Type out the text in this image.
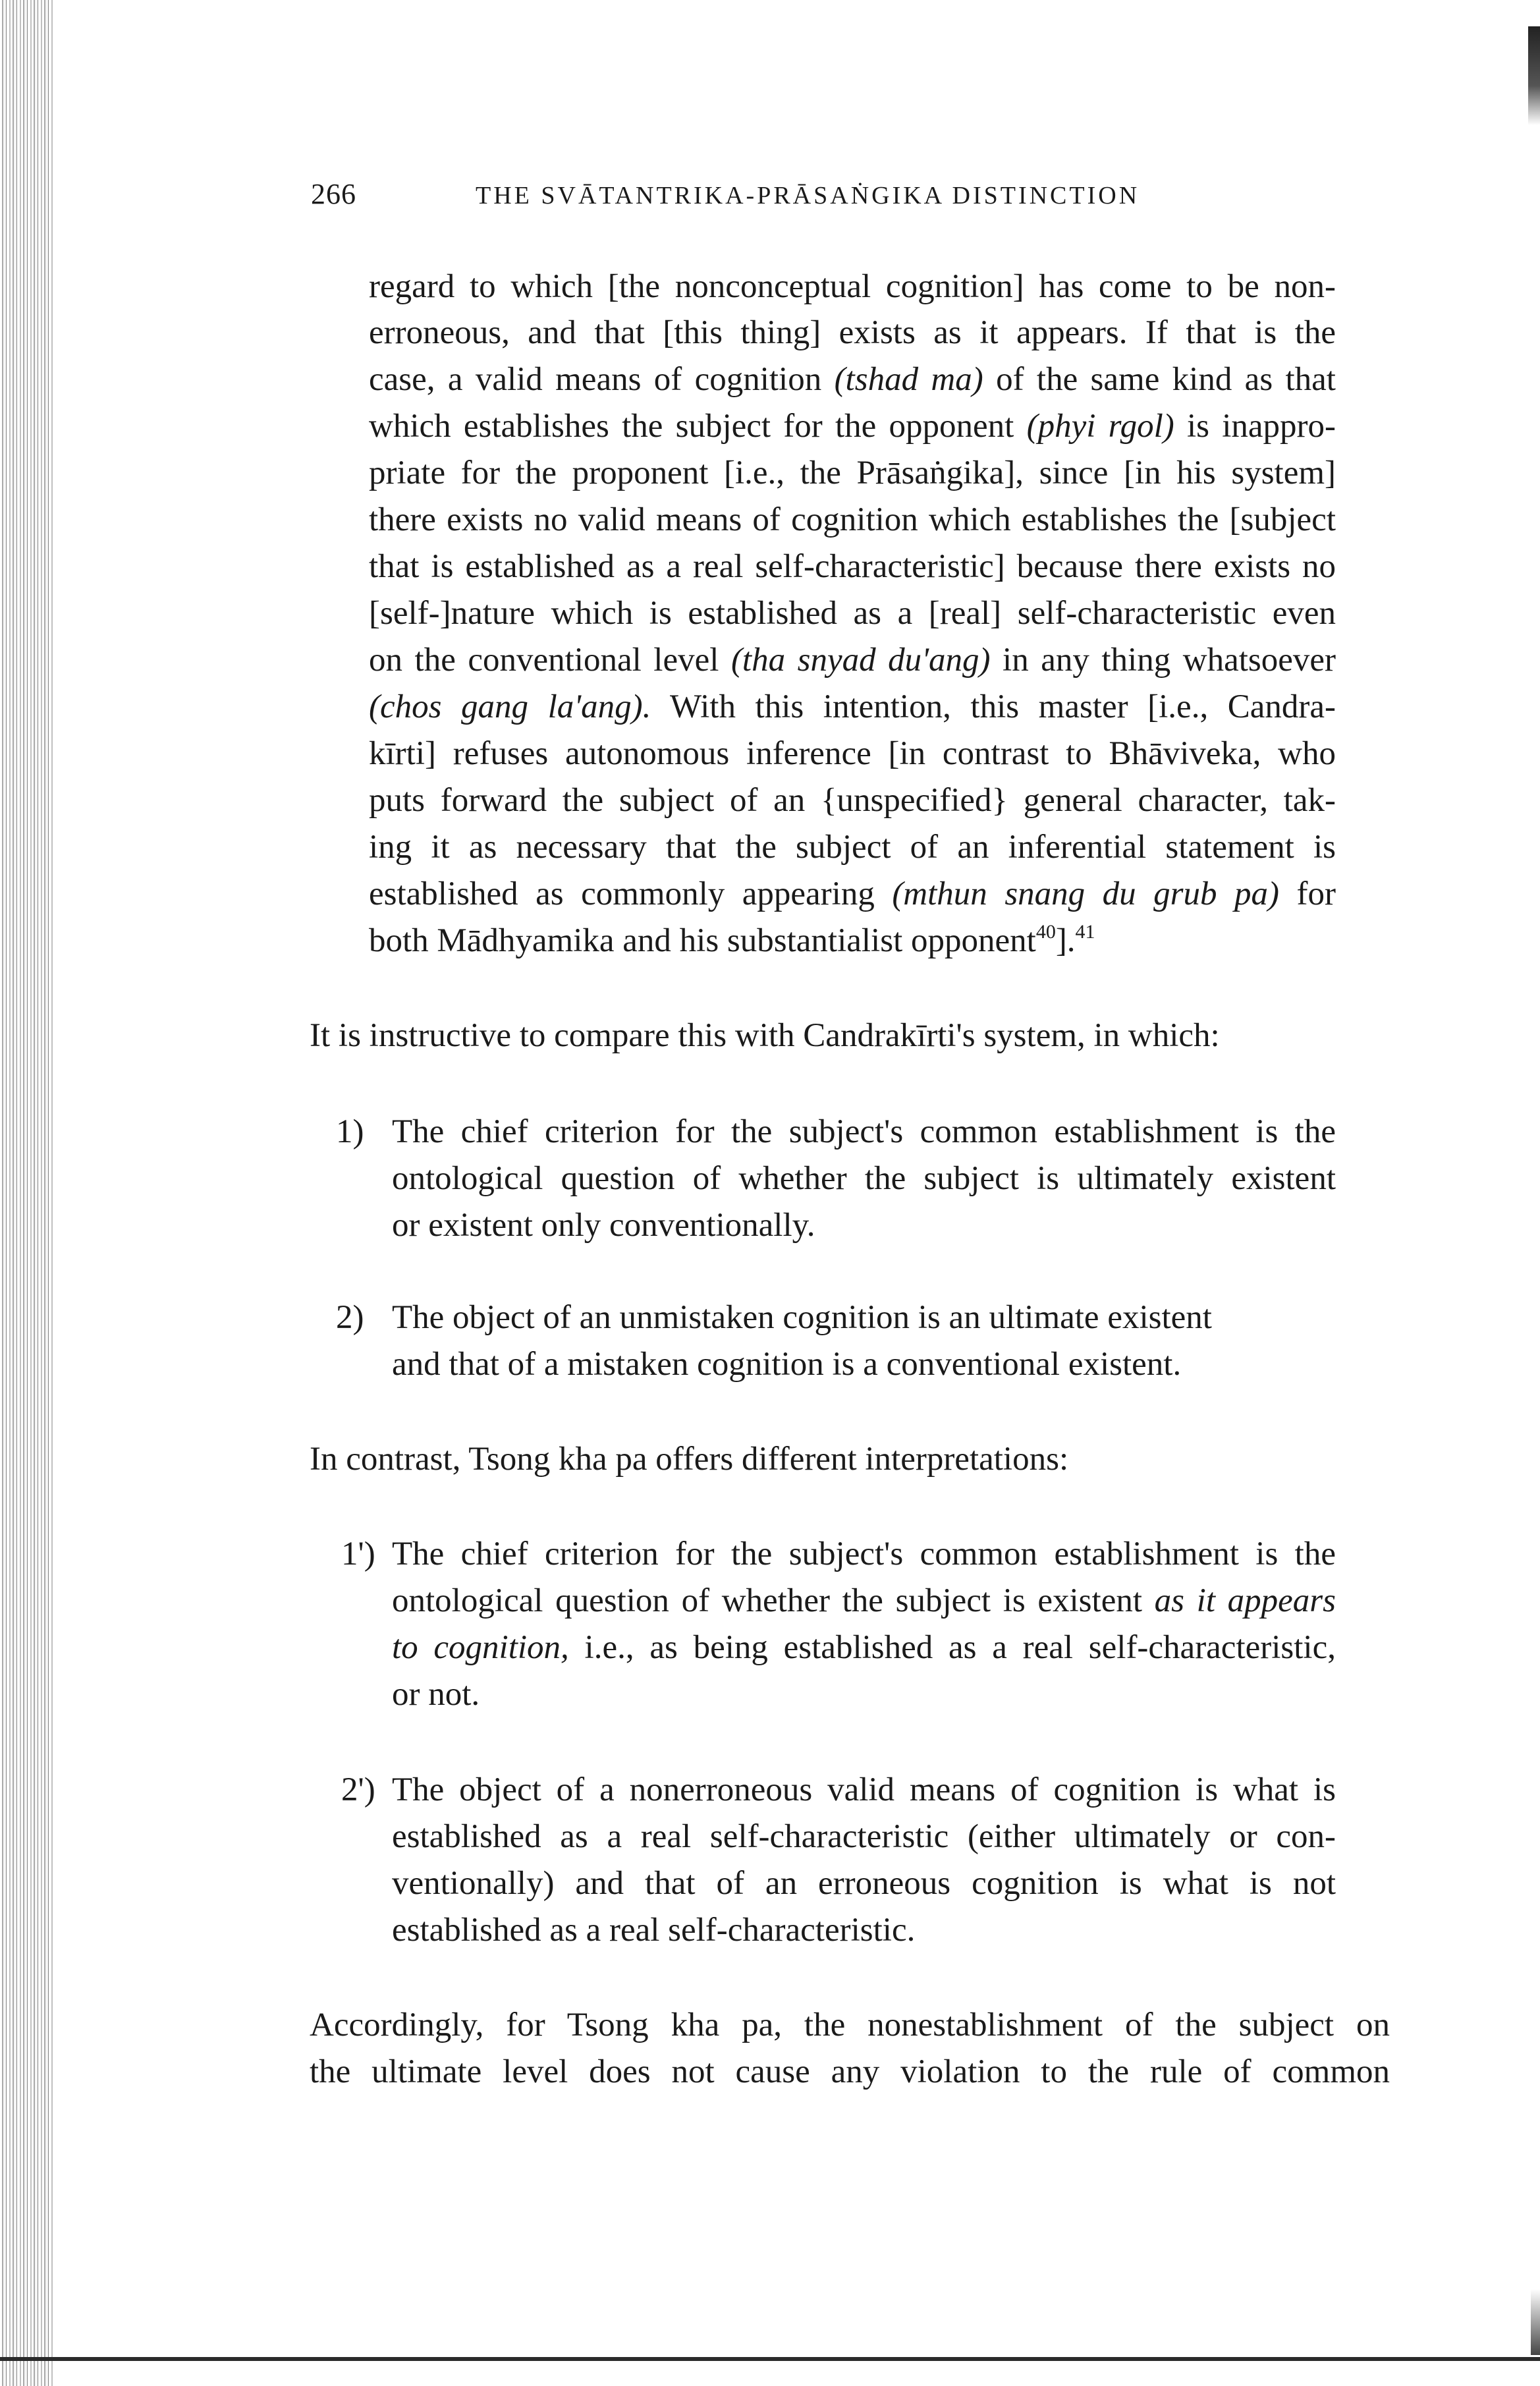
266	THE SVĀTANTRIKA-PRĀSAṄGIKA DISTINCTION
regard to which [the nonconceptual cognition] has come to be non-
erroneous, and that [this thing] exists as it appears. If that is the
case, a valid means of cognition (tshad ma) of the same kind as that
which establishes the subject for the opponent (phyi rgol) is inappro-
priate for the proponent [i.e., the Prāsaṅgika], since [in his system]
there exists no valid means of cognition which establishes the [subject
that is established as a real self-characteristic] because there exists no
[self-]nature which is established as a [real] self-characteristic even
on the conventional level (tha snyad du'ang) in any thing whatsoever
(chos gang la'ang). With this intention, this master [i.e., Candra-
kīrti] refuses autonomous inference [in contrast to Bhāviveka, who
puts forward the subject of an {unspecified} general character, tak-
ing it as necessary that the subject of an inferential statement is
established as commonly appearing (mthun snang du grub pa) for
both Mādhyamika and his substantialist opponent$^{40}$].$^{41}$
It is instructive to compare this with Candrakīrti's system, in which:
1) The chief criterion for the subject's common establishment is the
ontological question of whether the subject is ultimately existent
or existent only conventionally.
2) The object of an unmistaken cognition is an ultimate existent
and that of a mistaken cognition is a conventional existent.
In contrast, Tsong kha pa offers different interpretations:
1') The chief criterion for the subject's common establishment is the
ontological question of whether the subject is existent as it appears
to cognition, i.e., as being established as a real self-characteristic,
or not.
2') The object of a nonerroneous valid means of cognition is what is
established as a real self-characteristic (either ultimately or con-
ventionally) and that of an erroneous cognition is what is not
established as a real self-characteristic.
Accordingly, for Tsong kha pa, the nonestablishment of the subject on
the ultimate level does not cause any violation to the rule of common
